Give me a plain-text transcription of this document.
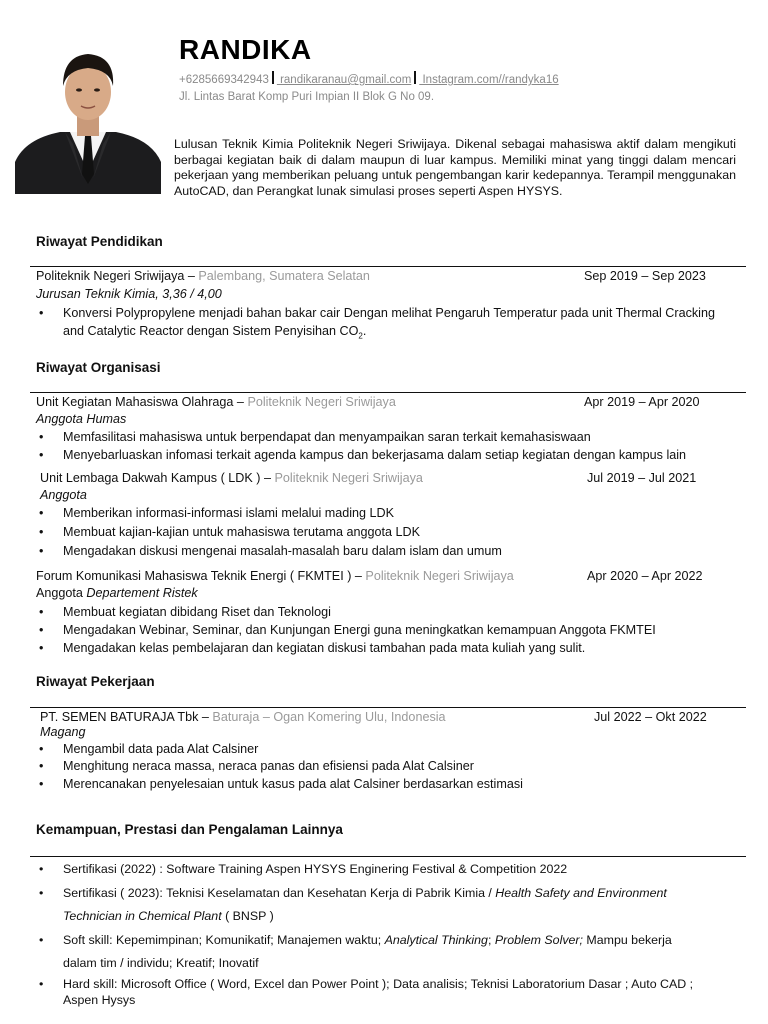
RANDIKA
+6285669342943 randikaranau@gmail.com Instagram.com//randyka16
Jl. Lintas Barat Komp Puri Impian II Blok G No 09.
Lulusan Teknik Kimia Politeknik Negeri Sriwijaya. Dikenal sebagai mahasiswa aktif dalam mengikuti berbagai kegiatan baik di dalam maupun di luar kampus. Memiliki minat yang tinggi dalam mencari pekerjaan yang memberikan peluang untuk pengembangan karir kedepannya. Terampil menggunakan AutoCAD, dan Perangkat lunak simulasi proses seperti Aspen HYSYS.
Riwayat Pendidikan
Politeknik Negeri Sriwijaya – Palembang, Sumatera Selatan	Sep 2019 – Sep 2023
Jurusan Teknik Kimia, 3,36 / 4,00
• Konversi Polypropylene menjadi bahan bakar cair Dengan melihat Pengaruh Temperatur pada unit Thermal Cracking
and Catalytic Reactor dengan Sistem Penyisihan $CO_2$.
Riwayat Organisasi
Unit Kegiatan Mahasiswa Olahraga – Politeknik Negeri Sriwijaya	Apr 2019 – Apr 2020
Anggota Humas
• Memfasilitasi mahasiswa untuk berpendapat dan menyampaikan saran terkait kemahasiswaan
• Menyebarluaskan infomasi terkait agenda kampus dan bekerjasama dalam setiap kegiatan dengan kampus lain
Unit Lembaga Dakwah Kampus ( LDK ) – Politeknik Negeri Sriwijaya	Jul 2019 – Jul 2021
Anggota
• Memberikan informasi-informasi islami melalui mading LDK
• Membuat kajian-kajian untuk mahasiswa terutama anggota LDK
• Mengadakan diskusi mengenai masalah-masalah baru dalam islam dan umum
Forum Komunikasi Mahasiswa Teknik Energi ( FKMTEI ) – Politeknik Negeri Sriwijaya	Apr 2020 – Apr 2022
Anggota Departement Ristek
• Membuat kegiatan dibidang Riset dan Teknologi
• Mengadakan Webinar, Seminar, dan Kunjungan Energi guna meningkatkan kemampuan Anggota FKMTEI
• Mengadakan kelas pembelajaran dan kegiatan diskusi tambahan pada mata kuliah yang sulit.
Riwayat Pekerjaan
PT. SEMEN BATURAJA Tbk – Baturaja – Ogan Komering Ulu, Indonesia	Jul 2022 – Okt 2022
Magang
• Mengambil data pada Alat Calsiner
• Menghitung neraca massa, neraca panas dan efisiensi pada Alat Calsiner
• Merencanakan penyelesaian untuk kasus pada alat Calsiner berdasarkan estimasi
Kemampuan, Prestasi dan Pengalaman Lainnya
• Sertifikasi (2022) : Software Training Aspen HYSYS Enginering Festival & Competition 2022
• Sertifikasi ( 2023): Teknisi Keselamatan dan Kesehatan Kerja di Pabrik Kimia / Health Safety and Environment
Technician in Chemical Plant ( BNSP )
• Soft skill: Kepemimpinan; Komunikatif; Manajemen waktu; Analytical Thinking; Problem Solver; Mampu bekerja
dalam tim / individu; Kreatif; Inovatif
• Hard skill: Microsoft Office ( Word, Excel dan Power Point ); Data analisis; Teknisi Laboratorium Dasar ; Auto CAD ;
Aspen Hysys
